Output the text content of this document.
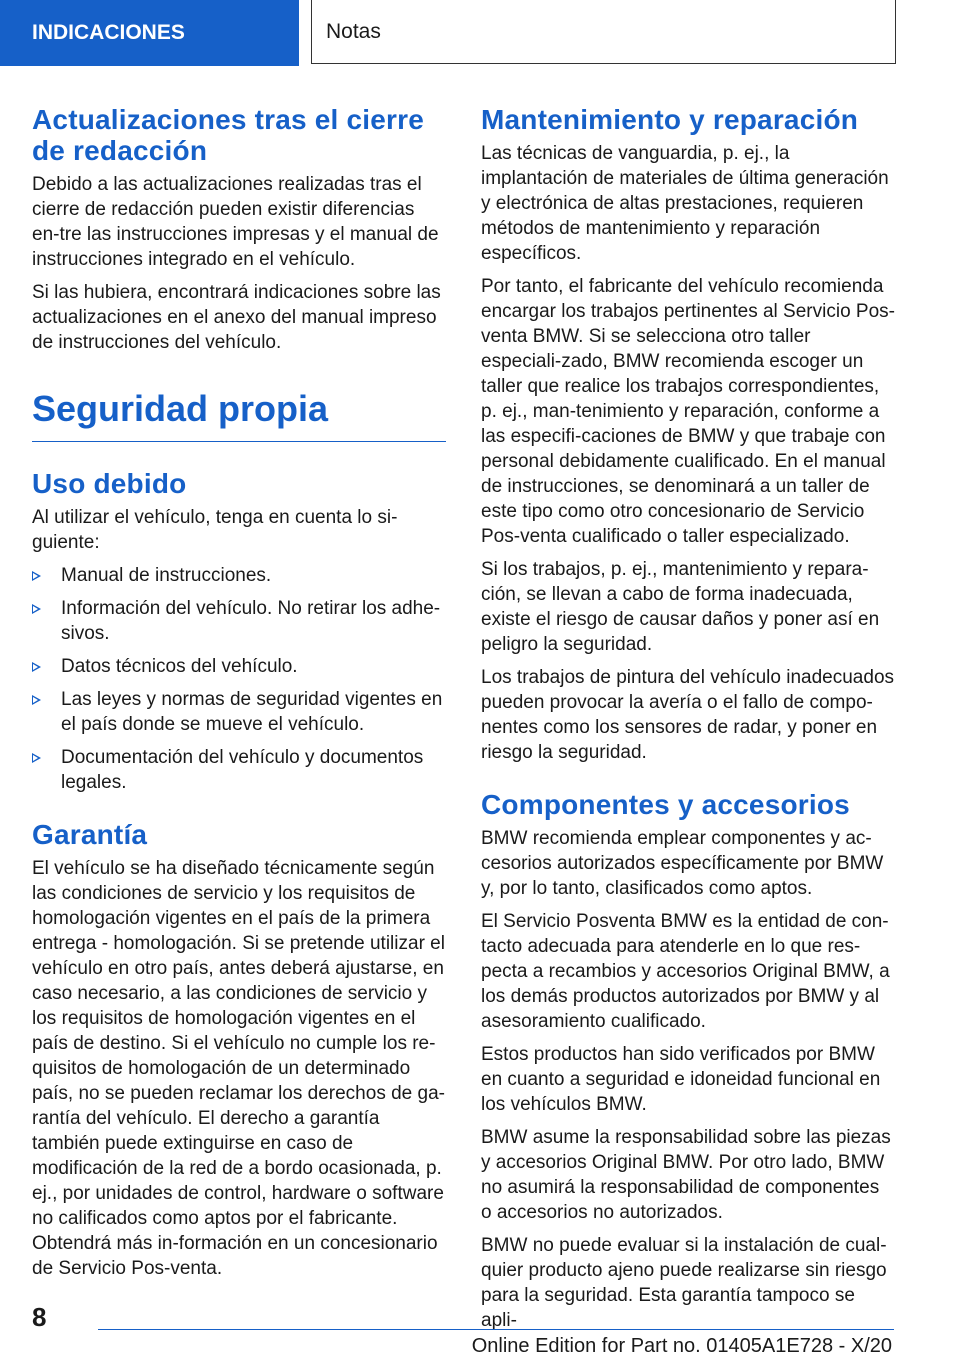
INDICACIONES	Notas
Actualizaciones tras el cierre de redacción

Debido a las actualizaciones realizadas tras el cierre de redacción pueden existir diferencias en-tre las instrucciones impresas y el manual de instrucciones integrado en el vehículo.

Si las hubiera, encontrará indicaciones sobre las actualizaciones en el anexo del manual impreso de instrucciones del vehículo.

Seguridad propia
Uso debido

Al utilizar el vehículo, tenga en cuenta lo si-guiente:

Manual de instrucciones.
Información del vehículo. No retirar los adhe-sivos.
Datos técnicos del vehículo.
Las leyes y normas de seguridad vigentes en el país donde se mueve el vehículo.
Documentación del vehículo y documentos legales.
Garantía

El vehículo se ha diseñado técnicamente según las condiciones de servicio y los requisitos de homologación vigentes en el país de la primera entrega - homologación. Si se pretende utilizar el vehículo en otro país, antes deberá ajustarse, en caso necesario, a las condiciones de servicio y los requisitos de homologación vigentes en el país de destino. Si el vehículo no cumple los re-quisitos de homologación de un determinado país, no se pueden reclamar los derechos de ga-rantía del vehículo. El derecho a garantía también puede extinguirse en caso de modificación de la red de a bordo ocasionada, p. ej., por unidades de control, hardware o software no calificados como aptos por el fabricante. Obtendrá más in-formación en un concesionario de Servicio Pos-venta.

Mantenimiento y reparación

Las técnicas de vanguardia, p. ej., la implantación de materiales de última generación y electrónica de altas prestaciones, requieren métodos de mantenimiento y reparación específicos.

Por tanto, el fabricante del vehículo recomienda encargar los trabajos pertinentes al Servicio Pos-venta BMW. Si se selecciona otro taller especiali-zado, BMW recomienda escoger un taller que realice los trabajos correspondientes, p. ej., man-tenimiento y reparación, conforme a las especifi-caciones de BMW y que trabaje con personal debidamente cualificado. En el manual de instrucciones, se denominará a un taller de este tipo como otro concesionario de Servicio Pos-venta cualificado o taller especializado.

Si los trabajos, p. ej., mantenimiento y repara-ción, se llevan a cabo de forma inadecuada, existe el riesgo de causar daños y poner así en peligro la seguridad.

Los trabajos de pintura del vehículo inadecuados pueden provocar la avería o el fallo de compo-nentes como los sensores de radar, y poner en riesgo la seguridad.

Componentes y accesorios

BMW recomienda emplear componentes y ac-cesorios autorizados específicamente por BMW y, por lo tanto, clasificados como aptos.

El Servicio Posventa BMW es la entidad de con-tacto adecuada para atenderle en lo que res-pecta a recambios y accesorios Original BMW, a los demás productos autorizados por BMW y al asesoramiento cualificado.

Estos productos han sido verificados por BMW en cuanto a seguridad e idoneidad funcional en los vehículos BMW.

BMW asume la responsabilidad sobre las piezas y accesorios Original BMW. Por otro lado, BMW no asumirá la responsabilidad de componentes o accesorios no autorizados.

BMW no puede evaluar si la instalación de cual-quier producto ajeno puede realizarse sin riesgo para la seguridad. Esta garantía tampoco se apli-

8
Online Edition for Part no. 01405A1E728 - X/20
